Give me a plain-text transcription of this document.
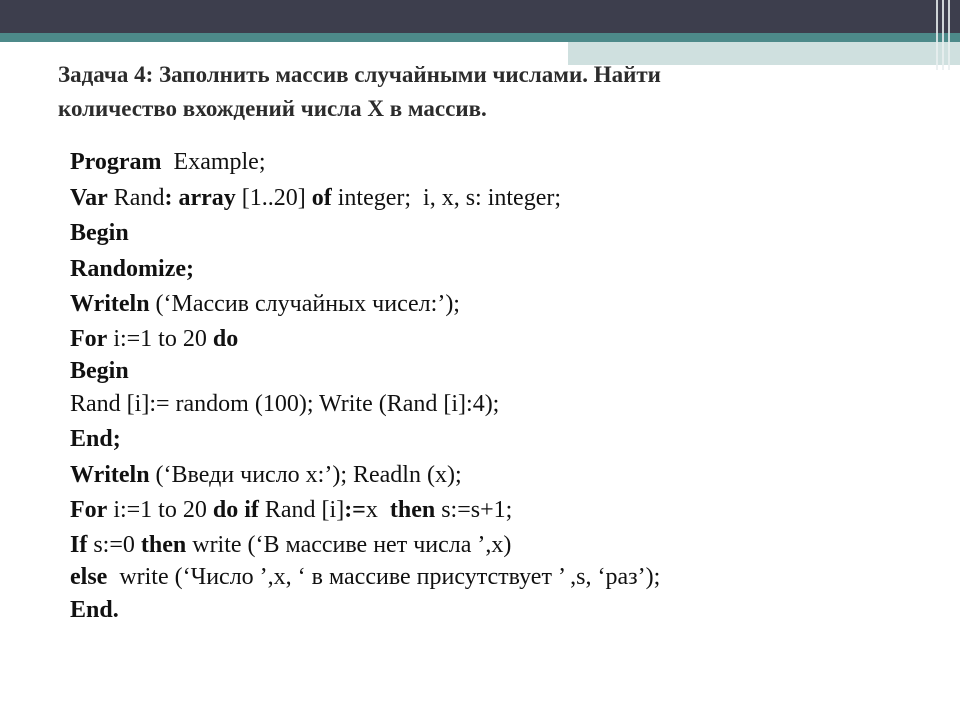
Задача 4: Заполнить массив случайными числами. Найти
количество вхождений числа X в массив.
Program  Example;
Var Rand: array [1..20] of integer;  i, x, s: integer;
Begin
Randomize;
Writeln (‘Массив случайных чисел:’);
For i:=1 to 20 do
Begin
Rand [i]:= random (100); Write (Rand [i]:4);
End;
Writeln (‘Введи число x:’); Readln (x);
For i:=1 to 20 do if Rand [i]:=x  then s:=s+1;
If s:=0 then write (‘В массиве нет числа ’,x)
else  write (‘Число ’,x, ‘ в массиве присутствует ’ ,s, ‘раз’);
End.
